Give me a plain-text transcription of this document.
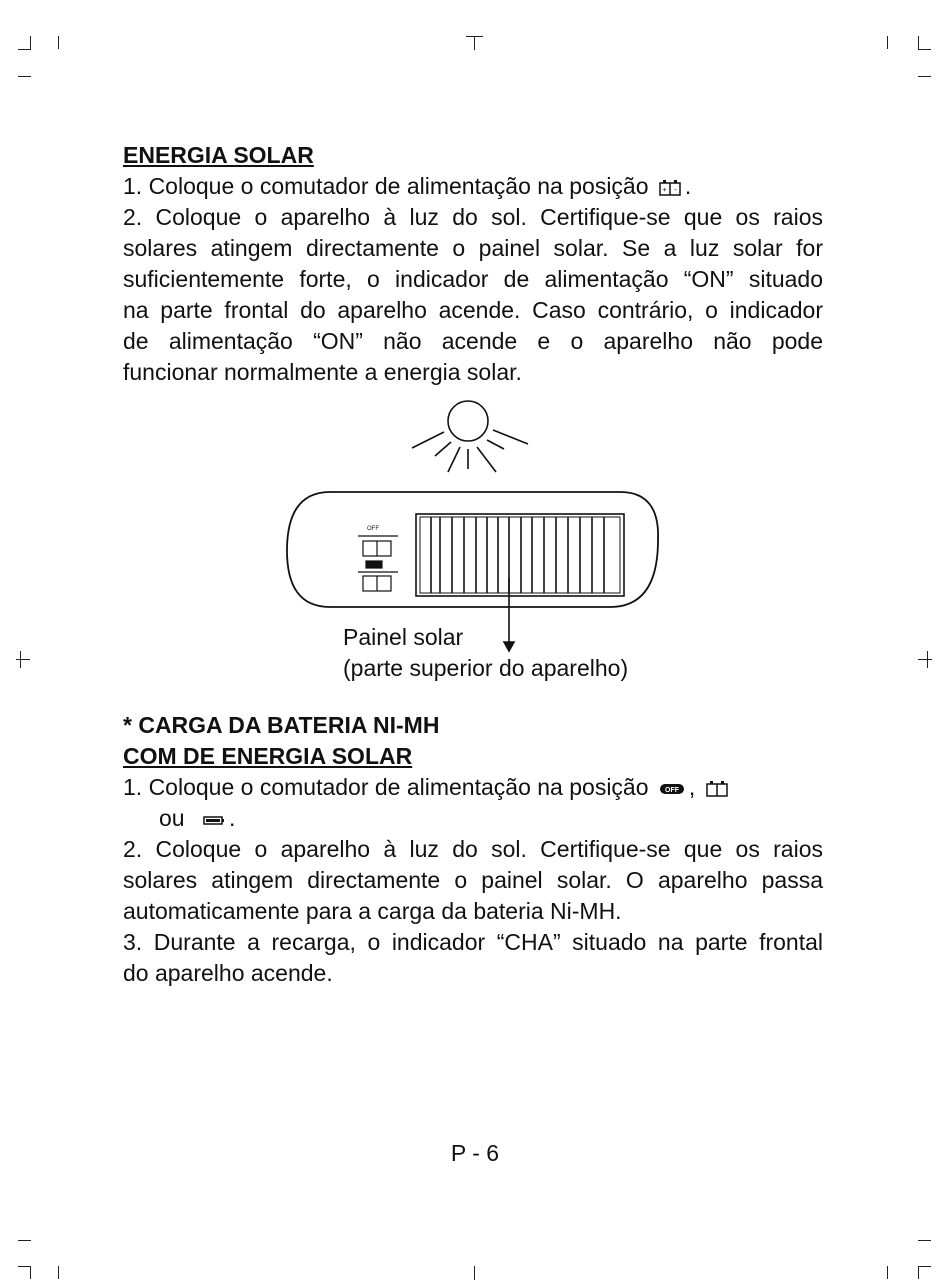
ENERGIA SOLAR

1. Coloque o comutador de alimentação na posição + - .

2. Coloque o aparelho à luz do sol. Certifique-se que os raios
solares atingem directamente o painel solar. Se a luz solar for
suficientemente forte, o indicador de alimentação “ON” situado
na parte frontal do aparelho acende. Caso contrário, o indicador
de alimentação “ON” não acende e o aparelho não pode
funcionar normalmente a energia solar.

OFF
Painel solar
(parte superior do aparelho)

* CARGA DA BATERIA NI-MH

COM DE ENERGIA SOLAR

1. Coloque o comutador de alimentação na posição OFF ,

ou .

2. Coloque o aparelho à luz do sol. Certifique-se que os raios
solares atingem directamente o painel solar. O aparelho passa
automaticamente para a carga da bateria Ni-MH.

3. Durante a recarga, o indicador “CHA” situado na parte frontal
do aparelho acende.

P - 6
